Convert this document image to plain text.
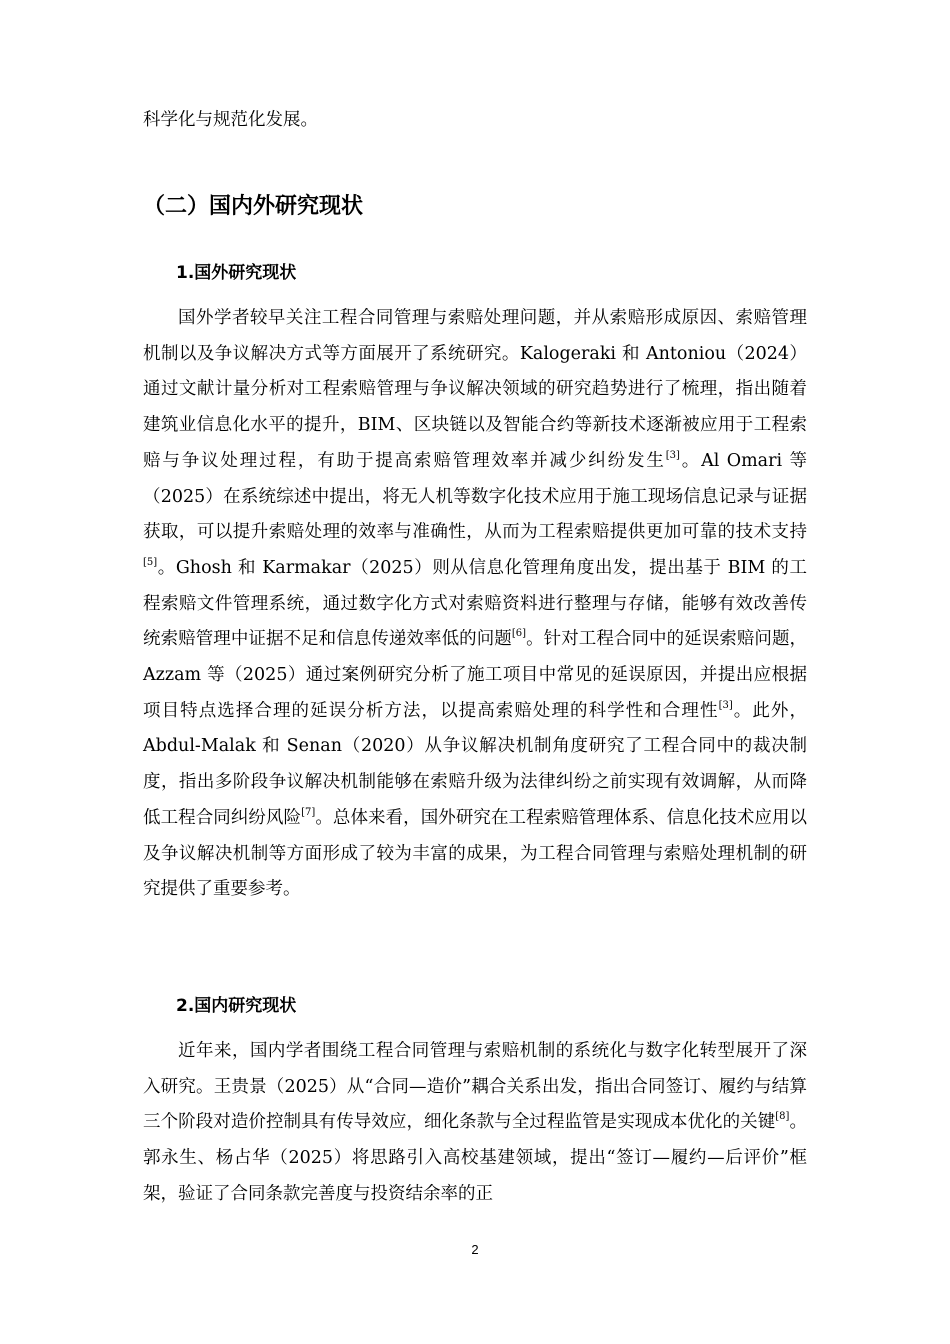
科学化与规范化发展。

（二）国内外研究现状
1.国外研究现状

国外学者较早关注工程合同管理与索赔处理问题，并从索赔形成原因、索赔管理机制以及争议解决方式等方面展开了系统研究。Kalogeraki 和 Antoniou（2024）通过文献计量分析对工程索赔管理与争议解决领域的研究趋势进行了梳理，指出随着建筑业信息化水平的提升，BIM、区块链以及智能合约等新技术逐渐被应用于工程索赔与争议处理过程，有助于提高索赔管理效率并减少纠纷发生[3]。Al Omari 等（2025）在系统综述中提出，将无人机等数字化技术应用于施工现场信息记录与证据获取，可以提升索赔处理的效率与准确性，从而为工程索赔提供更加可靠的技术支持[5]。Ghosh 和 Karmakar（2025）则从信息化管理角度出发，提出基于 BIM 的工程索赔文件管理系统，通过数字化方式对索赔资料进行整理与存储，能够有效改善传统索赔管理中证据不足和信息传递效率低的问题[6]。针对工程合同中的延误索赔问题，Azzam 等（2025）通过案例研究分析了施工项目中常见的延误原因，并提出应根据项目特点选择合理的延误分析方法，以提高索赔处理的科学性和合理性[3]。此外，Abdul-Malak 和 Senan（2020）从争议解决机制角度研究了工程合同中的裁决制度，指出多阶段争议解决机制能够在索赔升级为法律纠纷之前实现有效调解，从而降低工程合同纠纷风险[7]。总体来看，国外研究在工程索赔管理体系、信息化技术应用以及争议解决机制等方面形成了较为丰富的成果，为工程合同管理与索赔处理机制的研究提供了重要参考。

2.国内研究现状

近年来，国内学者围绕工程合同管理与索赔机制的系统化与数字化转型展开了深入研究。王贵景（2025）从“合同—造价”耦合关系出发，指出合同签订、履约与结算三个阶段对造价控制具有传导效应，细化条款与全过程监管是实现成本优化的关键[8]。郭永生、杨占华（2025）将思路引入高校基建领域，提出“签订—履约—后评价”框架，验证了合同条款完善度与投资结余率的正

2
